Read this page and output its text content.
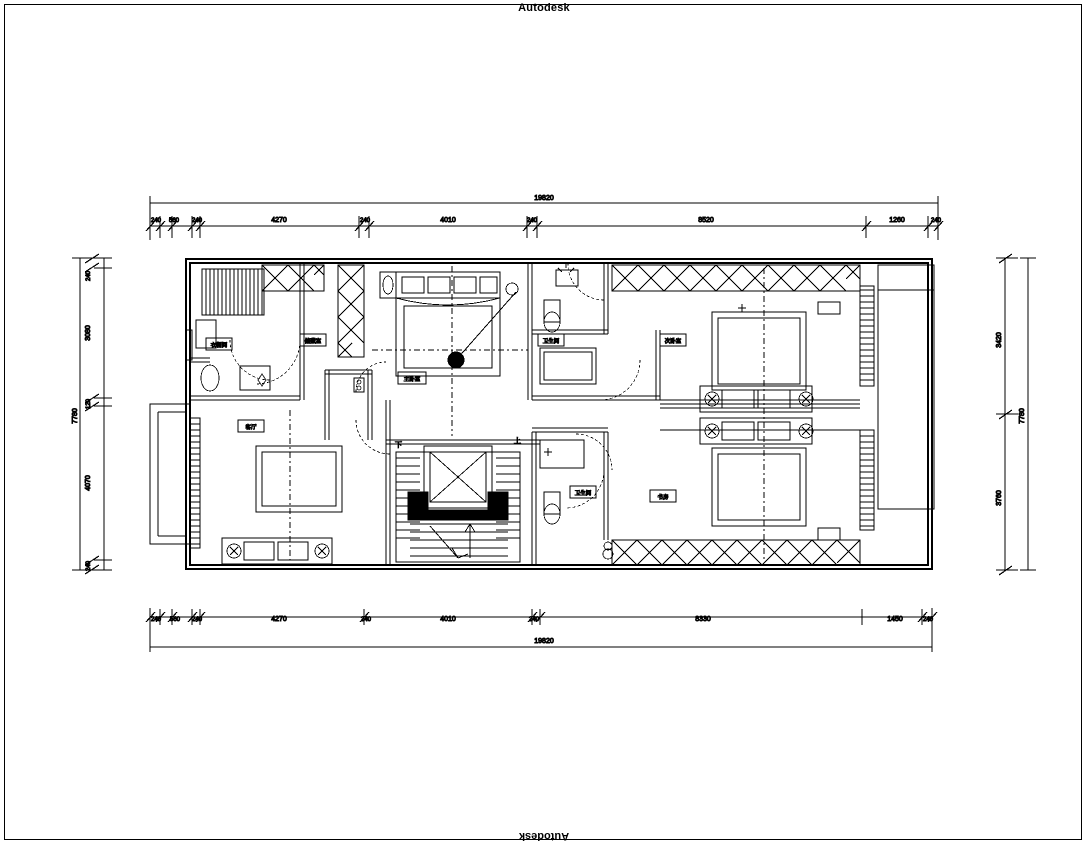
Autodesk
Autodesk
19820
240 560 240	4270	240	4010	240	8520	1260	240
240 560 240	4270	240	4010	240	8330	1450	240
19820
240
3080
120
4070
240
7780
3420
3760
7780
下
上
衣帽间
储藏室
客厅
主卧室
卫生间	次卧室
卫生间
书房
